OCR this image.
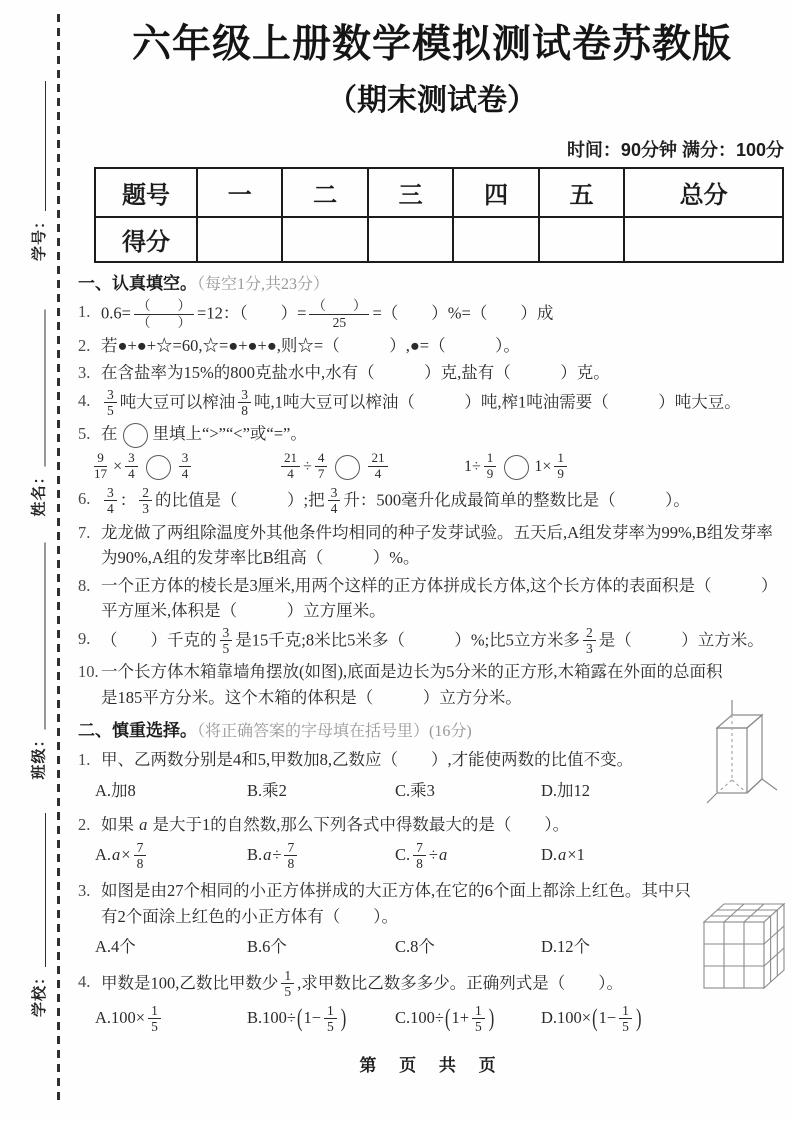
学号：
姓名：
班级：
学校：
六年级上册数学模拟测试卷苏教版
（期末测试卷）
时间：90分钟 满分：100分
题号	一	二	三	四	五	总分
得分						
一、认真填空。（每空1分,共23分）
1. $0.6= \frac{( )}{( )} =12$：（　　）= $\frac{( )}{25}$ =（　　）%=（　　）成
2. 若●+●+☆=60,☆=●+●+●,则☆=（　　　）,●=（　　　）。
3. 在含盐率为15%的800克盐水中,水有（　　　）克,盐有（　　　）克。
4.	$\frac{3}{5}$ 吨大豆可以榨油 $\frac{3}{8}$ 吨,1吨大豆可以榨油（　　　）吨,榨1吨油需要（　　　）吨大豆。
5. 在 里填上“>”“<”或“=”。
$\frac{9}{17} \times \frac{3}{4}$	$\frac{3}{4}$	$\frac{21}{4} \div \frac{4}{7}$	$\frac{21}{4}$	$1\div \frac{1}{9} 1\times \frac{1}{9}$
6.	$\frac{3}{4}$ ： $\frac{2}{3}$ 的比值是（　　　）;把 $\frac{3}{4}$ 升：500毫升化成最简单的整数比是（　　　）。
7. 龙龙做了两组除温度外其他条件均相同的种子发芽试验。五天后,A组发芽率为99%,B组发芽率为90%,A组的发芽率比B组高（　　　）%。
8. 一个正方体的棱长是3厘米,用两个这样的正方体拼成长方体,这个长方体的表面积是（　　　）平方厘米,体积是（　　　）立方厘米。
9. （　　）千克的 $\frac{3}{5}$ 是15千克;8米比5米多（　　　）%;比5立方米多 $\frac{2}{3}$ 是（　　　）立方米。
10. 一个长方体木箱靠墙角摆放(如图),底面是边长为5分米的正方形,木箱露在外面的总面积是185平方分米。这个木箱的体积是（　　　）立方分米。
二、慎重选择。（将正确答案的字母填在括号里）(16分)
1. 甲、乙两数分别是4和5,甲数加8,乙数应（　　）,才能使两数的比值不变。
A.加8	B.乘2	C.乘3	D.加12
2. 如果 a 是大于1的自然数,那么下列各式中得数最大的是（　　）。
$A.a\times \frac{7}{8}$	$B.a\div \frac{7}{8}$	C. $\frac{7}{8} \div a$	D.a×1
3. 如图是由27个相同的小正方体拼成的大正方体,在它的6个面上都涂上红色。其中只有2个面涂上红色的小正方体有（　　）。
A.4个	B.6个	C.8个	D.12个
4. 甲数是100,乙数比甲数少 $\frac{1}{5}$ ,求甲数比乙数多多少。正确列式是（　　）。
$A.100\times \frac{1}{5}$	$B.100\div(1- \frac{1}{5}$ )	$C.100\div(1+ \frac{1}{5}$ )	$D.100\times(1- \frac{1}{5}$ )
第 页 共 页
